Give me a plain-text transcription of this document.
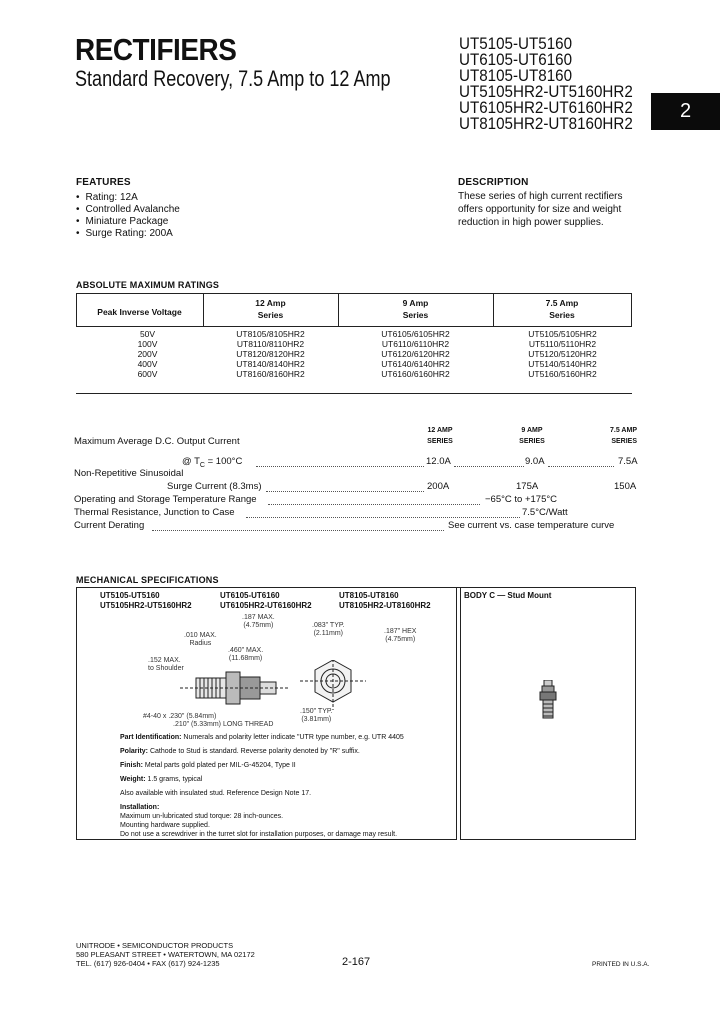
RECTIFIERS
Standard Recovery, 7.5 Amp to 12 Amp
UT5105-UT5160
UT6105-UT6160
UT8105-UT8160
UT5105HR2-UT5160HR2
UT6105HR2-UT6160HR2
UT8105HR2-UT8160HR2
2
FEATURES
• Rating: 12A
• Controlled Avalanche
• Miniature Package
• Surge Rating: 200A
DESCRIPTION
These series of high current rectifiers
offers opportunity for size and weight
reduction in high power supplies.
ABSOLUTE MAXIMUM RATINGS
Peak Inverse Voltage
12 Amp
Series
9 Amp
Series
7.5 Amp
Series
50V	UT8105/8105HR2	UT6105/6105HR2	UT5105/5105HR2
100V	UT8110/8110HR2	UT6110/6110HR2	UT5110/5110HR2
200V	UT8120/8120HR2	UT6120/6120HR2	UT5120/5120HR2
400V	UT8140/8140HR2	UT6140/6140HR2	UT5140/5140HR2
600V	UT8160/8160HR2	UT6160/6160HR2	UT5160/5160HR2
12 AMP
SERIES
9 AMP
SERIES
7.5 AMP
SERIES
Maximum Average D.C. Output Current
@ $T_C = 100^\circ C$	12.0A	9.0A	7.5A
Non-Repetitive Sinusoidal
Surge Current (8.3ms)	200A	175A	150A
Operating and Storage Temperature Range	−65°C to +175°C
Thermal Resistance, Junction to Case	7.5°C/Watt
Current Derating	See current vs. case temperature curve
MECHANICAL SPECIFICATIONS
UT5105-UT5160
UT5105HR2-UT5160HR2
UT6105-UT6160
UT6105HR2-UT6160HR2
UT8105-UT8160
UT8105HR2-UT8160HR2
.187 MAX.
(4.75mm)	.083" TYP.
(2.11mm)	.187" HEX
(4.75mm)
.010 MAX.
Radius
.460" MAX.
(11.68mm)
.152 MAX.
to Shoulder
.150" TYP.
(3.81mm)
#4-40 x .230" (5.84mm)
.210" (5.33mm) LONG THREAD
Part Identification: Numerals and polarity letter indicate "UTR type number, e.g. UTR 4405
Polarity: Cathode to Stud is standard. Reverse polarity denoted by "R" suffix.
Finish: Metal parts gold plated per MIL-G-45204, Type II
Weight: 1.5 grams, typical
Also available with insulated stud. Reference Design Note 17.
Installation:
Maximum un-lubricated stud torque: 28 inch-ounces.
Mounting hardware supplied.
Do not use a screwdriver in the turret slot for installation purposes, or damage may result.
BODY C — Stud Mount
UNITRODE • SEMICONDUCTOR PRODUCTS
580 PLEASANT STREET • WATERTOWN, MA 02172
TEL. (617) 926-0404 • FAX (617) 924-1235	2-167	PRINTED IN U.S.A.
